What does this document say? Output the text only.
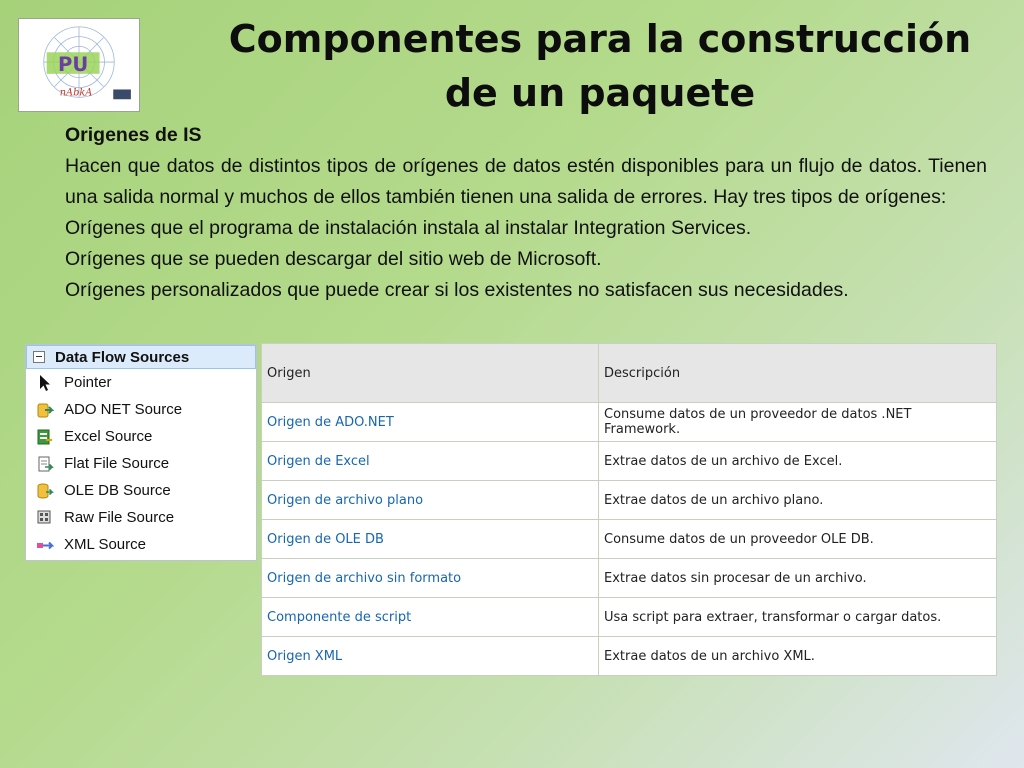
PU
nAbkA
Componentes para la construcción de un paquete
Origenes de IS
Hacen que datos de distintos tipos de orígenes de datos estén disponibles para un flujo de datos. Tienen una salida normal y muchos de ellos también tienen una salida de errores. Hay tres tipos de orígenes:
Orígenes que el programa de instalación instala al instalar Integration Services.
Orígenes que se pueden descargar del sitio web de Microsoft.
Orígenes personalizados que puede crear si los existentes no satisfacen sus necesidades.
Data Flow Sources
Pointer
ADO NET Source
Excel Source
Flat File Source
OLE DB Source
Raw File Source
XML Source
Origen	Descripción
Origen de ADO.NET	Consume datos de un proveedor de datos .NET Framework.
Origen de Excel	Extrae datos de un archivo de Excel.
Origen de archivo plano	Extrae datos de un archivo plano.
Origen de OLE DB	Consume datos de un proveedor OLE DB.
Origen de archivo sin formato	Extrae datos sin procesar de un archivo.
Componente de script	Usa script para extraer, transformar o cargar datos.
Origen XML	Extrae datos de un archivo XML.
